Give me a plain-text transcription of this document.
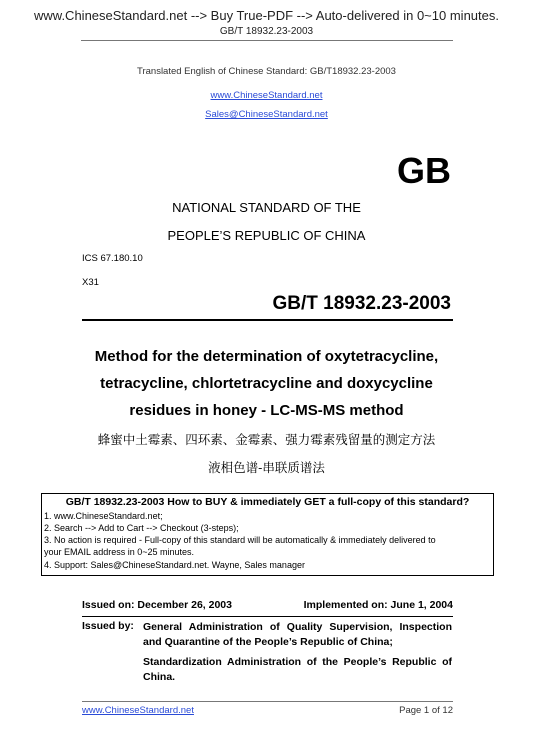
www.ChineseStandard.net --> Buy True-PDF --> Auto-delivered in 0~10 minutes.
GB/T 18932.23-2003
Translated English of Chinese Standard: GB/T18932.23-2003
www.ChineseStandard.net
Sales@ChineseStandard.net
GB
NATIONAL STANDARD OF THE
PEOPLE’S REPUBLIC OF CHINA
ICS 67.180.10
X31
GB/T 18932.23-2003
Method for the determination of oxytetracycline,
tetracycline, chlortetracycline and doxycycline
residues in honey - LC-MS-MS method
蜂蜜中土霉素、四环素、金霉素、强力霉素残留量的测定方法
液相色谱-串联质谱法
GB/T 18932.23-2003 How to BUY & immediately GET a full-copy of this standard?
1. www.ChineseStandard.net;
2. Search --> Add to Cart --> Checkout (3-steps);
3. No action is required - Full-copy of this standard will be automatically & immediately delivered to
your EMAIL address in 0~25 minutes.
4. Support: Sales@ChineseStandard.net. Wayne, Sales manager
Issued on: December 26, 2003	Implemented on: June 1, 2004
Issued by: General Administration of Quality Supervision, Inspection and Quarantine of the People’s Republic of China;
Standardization Administration of the People’s Republic of China.
www.ChineseStandard.net	Page 1 of 12
